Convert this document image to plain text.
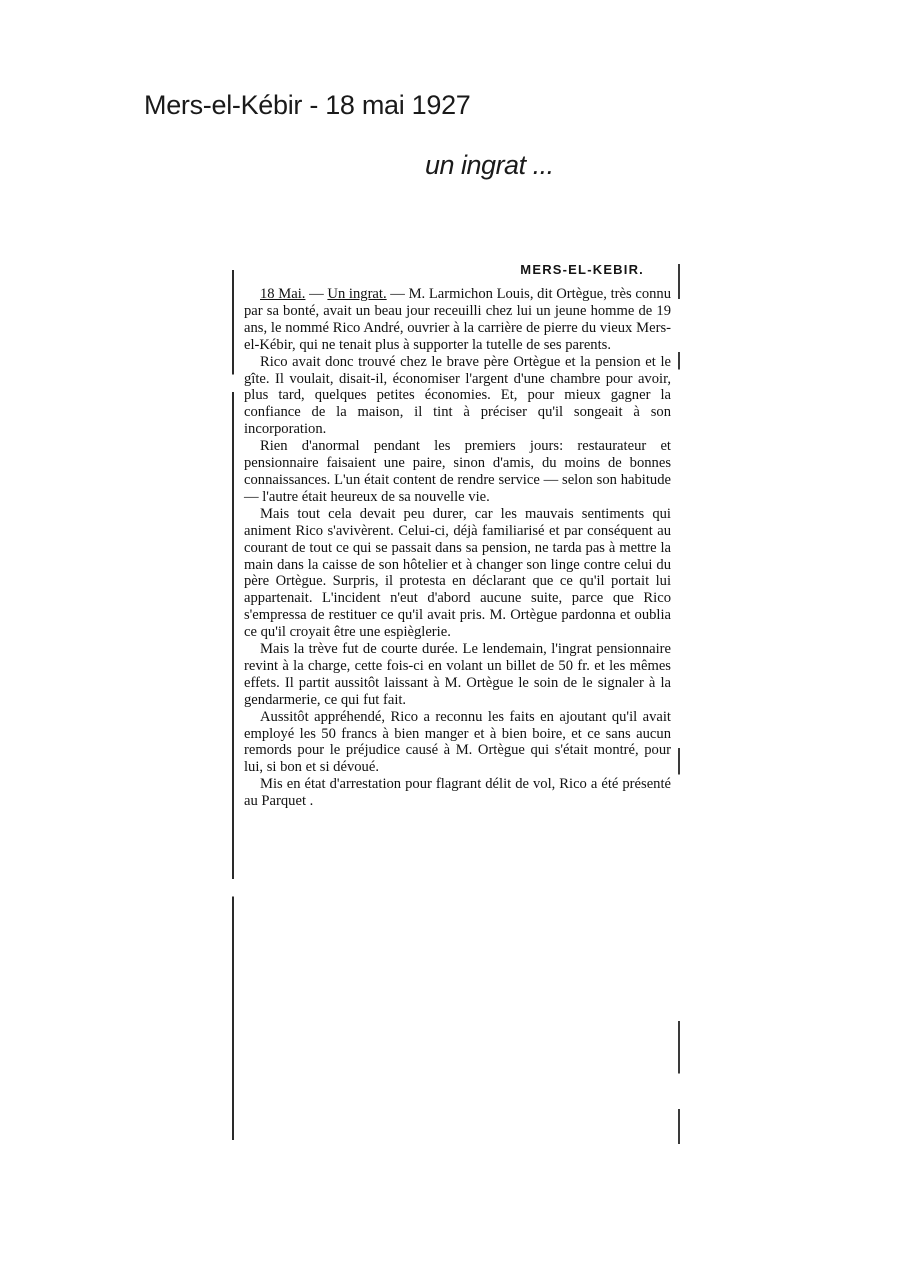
Mers-el-Kébir - 18 mai 1927
un ingrat ...
MERS-EL-KEBIR.

18 Mai. — Un ingrat. — M. Larmichon Louis, dit Ortègue, très connu par sa bonté, avait un beau jour receuilli chez lui un jeune homme de 19 ans, le nommé Rico André, ouvrier à la carrière de pierre du vieux Mers-el-Kébir, qui ne tenait plus à supporter la tutelle de ses parents.

Rico avait donc trouvé chez le brave père Ortègue et la pension et le gîte. Il voulait, disait-il, économiser l'argent d'une chambre pour avoir, plus tard, quelques petites économies. Et, pour mieux gagner la confiance de la maison, il tint à préciser qu'il songeait à son incorporation.

Rien d'anormal pendant les premiers jours: restaurateur et pensionnaire faisaient une paire, sinon d'amis, du moins de bonnes connaissances. L'un était content de rendre service — selon son habitude — l'autre était heureux de sa nouvelle vie.

Mais tout cela devait peu durer, car les mauvais sentiments qui animent Rico s'avivèrent. Celui-ci, déjà familiarisé et par conséquent au courant de tout ce qui se passait dans sa pension, ne tarda pas à mettre la main dans la caisse de son hôtelier et à changer son linge contre celui du père Ortègue. Surpris, il protesta en déclarant que ce qu'il portait lui appartenait. L'incident n'eut d'abord aucune suite, parce que Rico s'empressa de restituer ce qu'il avait pris. M. Ortègue pardonna et oublia ce qu'il croyait être une espièglerie.

Mais la trève fut de courte durée. Le lendemain, l'ingrat pensionnaire revint à la charge, cette fois-ci en volant un billet de 50 fr. et les mêmes effets. Il partit aussitôt laissant à M. Ortègue le soin de le signaler à la gendarmerie, ce qui fut fait.

Aussitôt appréhendé, Rico a reconnu les faits en ajoutant qu'il avait employé les 50 francs à bien manger et à bien boire, et ce sans aucun remords pour le préjudice causé à M. Ortègue qui s'était montré, pour lui, si bon et si dévoué.

Mis en état d'arrestation pour flagrant délit de vol, Rico a été présenté au Parquet .
